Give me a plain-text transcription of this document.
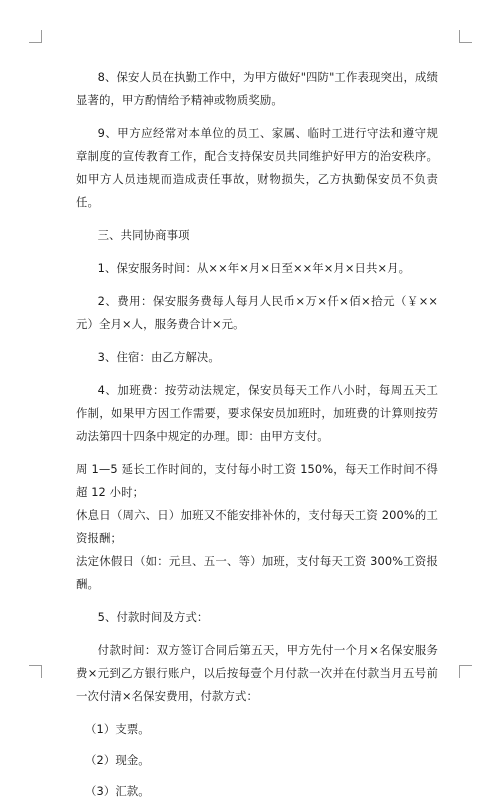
8、保安人员在执勤工作中，为甲方做好"四防"工作表现突出，成绩显著的，甲方酌情给予精神或物质奖励。

9、甲方应经常对本单位的员工、家属、临时工进行守法和遵守规章制度的宣传教育工作，配合支持保安员共同维护好甲方的治安秩序。如甲方人员违规而造成责任事故，财物损失，乙方执勤保安员不负责任。

三、共同协商事项

1、保安服务时间：从××年×月×日至××年×月×日共×月。

2、费用：保安服务费每人每月人民币×万×仟×佰×拾元（￥××元）全月×人，服务费合计×元。

3、住宿：由乙方解决。

4、加班费：按劳动法规定，保安员每天工作八小时，每周五天工作制，如果甲方因工作需要，要求保安员加班时，加班费的计算则按劳动法第四十四条中规定的办理。即：由甲方支付。

周 1—5 延长工作时间的，支付每小时工资 150%，每天工作时间不得超 12 小时；

休息日（周六、日）加班又不能安排补休的，支付每天工资 200%的工资报酬；

法定休假日（如：元旦、五一、等）加班，支付每天工资 300%工资报酬。

5、付款时间及方式：

付款时间：双方签订合同后第五天，甲方先付一个月×名保安服务费×元到乙方银行账户，以后按每壹个月付款一次并在付款当月五号前一次付清×名保安费用，付款方式：

（1）支票。

（2）现金。

（3）汇款。
